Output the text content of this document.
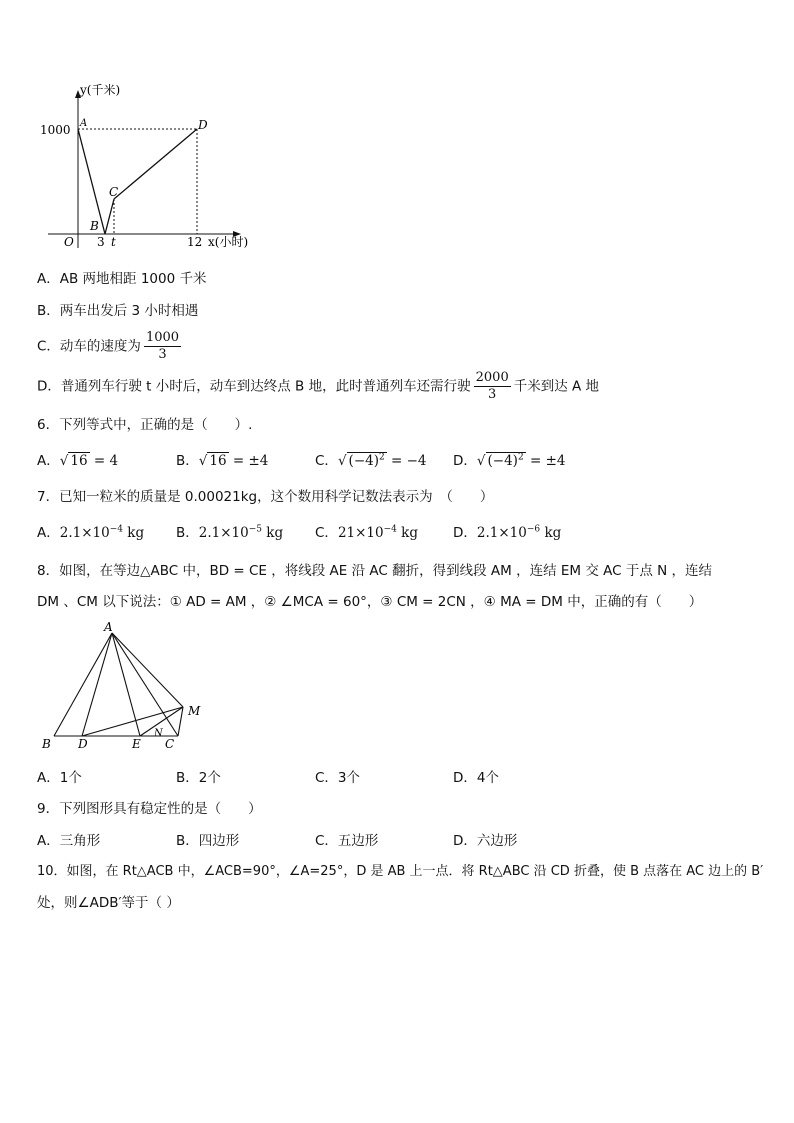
y(千米)
x(小时)
1000
O 3 t	12
A
B
C
D
A．AB 两地相距 1000 千米
B．两车出发后 3 小时相遇
C．动车的速度为 $\frac{1000}{3}$
D．普通列车行驶 t 小时后，动车到达终点 B 地，此时普通列车还需行驶 $\frac{2000}{3}$ 千米到达 A 地
6．下列等式中，正确的是（　　）.
A．√ 16 = 4	B．√ 16 = ±4	C．√ $(-4)^2 = -4$ D．√ $(-4)^2 = \pm 4$
7．已知一粒米的质量是 0.00021kg，这个数用科学记数法表示为　（　　）
A．$2.1\times 10^{-4}$ kg B．$2.1\times 10^{-5}$ kg C．$21\times 10^{-4}$ kg	D．$2.1\times 10^{-6}$ kg
8．如图，在等边△ABC 中，BD = CE ，将线段 AE 沿 AC 翻折，得到线段 AM ，连结 EM 交 AC 于点 N ，连结
DM 、CM 以下说法：① AD = AM ，② ∠MCA = 60°，③ CM = 2CN ，④ MA = DM 中，正确的有（　　）
A
B D	E
N
C
M
A．1个	B．2个	C．3个	D．4个
9．下列图形具有稳定性的是（　　）
A．三角形	B．四边形	C．五边形	D．六边形
10．如图，在 Rt△ACB 中，∠ACB=90°，∠A=25°，D 是 AB 上一点．将 Rt△ABC 沿 CD 折叠，使 B 点落在 AC 边上的 B′
处，则∠ADB′等于（ ）
